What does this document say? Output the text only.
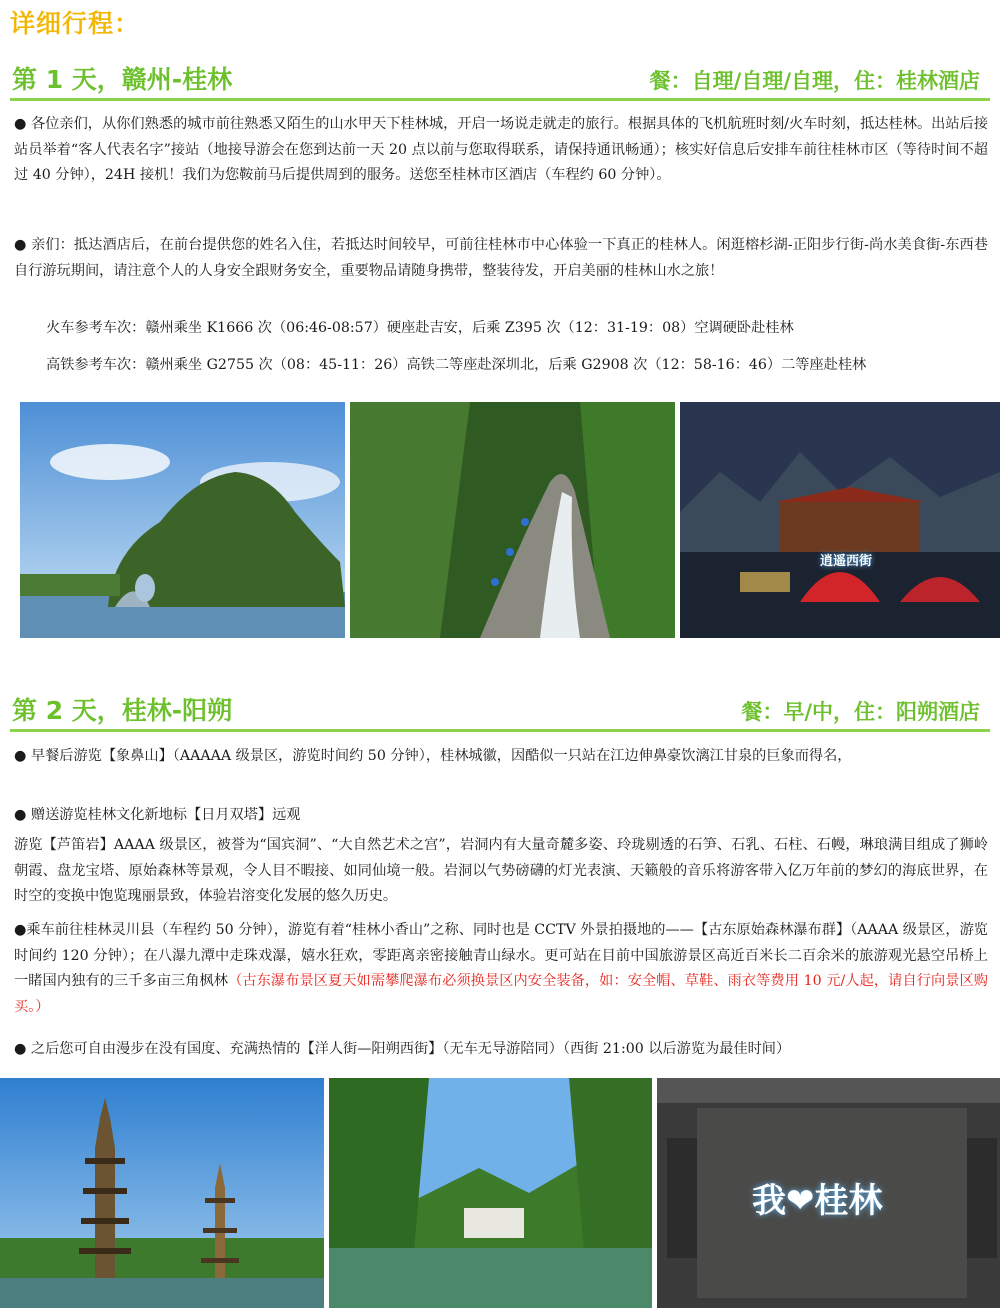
详细行程：
第 1 天，赣州-桂林	餐：自理/自理/自理，住：桂林酒店
● 各位亲们，从你们熟悉的城市前往熟悉又陌生的山水甲天下桂林城，开启一场说走就走的旅行。根据具体的飞机航班时刻/火车时刻，抵达桂林。出站后接站员举着“客人代表名字”接站（地接导游会在您到达前一天 20 点以前与您取得联系，请保持通讯畅通）；核实好信息后安排车前往桂林市区（等待时间不超过 40 分钟），24H 接机！我们为您鞍前马后提供周到的服务。送您至桂林市区酒店（车程约 60 分钟）。
● 亲们：抵达酒店后，在前台提供您的姓名入住，若抵达时间较早，可前往桂林市中心体验一下真正的桂林人。闲逛榕杉湖-正阳步行街-尚水美食街-东西巷自行游玩期间，请注意个人的人身安全跟财务安全，重要物品请随身携带，整装待发，开启美丽的桂林山水之旅！
火车参考车次：赣州乘坐 K1666 次（06:46-08:57）硬座赴吉安，后乘 Z395 次（12：31-19：08）空调硬卧赴桂林
高铁参考车次：赣州乘坐 G2755 次（08：45-11：26）高铁二等座赴深圳北，后乘 G2908 次（12：58-16：46）二等座赴桂林
逍遥西街
第 2 天，桂林-阳朔	餐：早/中，住：阳朔酒店
● 早餐后游览【象鼻山】（AAAAA 级景区，游览时间约 50 分钟），桂林城徽，因酷似一只站在江边伸鼻豪饮漓江甘泉的巨象而得名，
● 赠送游览桂林文化新地标【日月双塔】远观
游览【芦笛岩】AAAA 级景区，被誉为“国宾洞”、“大自然艺术之宫”，岩洞内有大量奇麓多姿、玲珑剔透的石笋、石乳、石柱、石幔，琳琅满目组成了狮岭朝霞、盘龙宝塔、原始森林等景观，令人目不暇接、如同仙境一般。岩洞以气势磅礴的灯光表演、天籁般的音乐将游客带入亿万年前的梦幻的海底世界，在时空的变换中饱览瑰丽景致，体验岩溶变化发展的悠久历史。
●乘车前往桂林灵川县（车程约 50 分钟），游览有着“桂林小香山”之称、同时也是 CCTV 外景拍摄地的——【古东原始森林瀑布群】（AAAA 级景区，游览时间约 120 分钟）；在八瀑九潭中走珠戏瀑，嬉水狂欢，零距离亲密接触青山绿水。更可站在目前中国旅游景区高近百米长二百余米的旅游观光悬空吊桥上一睹国内独有的三千多亩三角枫林（古东瀑布景区夏天如需攀爬瀑布必须换景区内安全装备，如：安全帽、草鞋、雨衣等费用 10 元/人起，请自行向景区购买。）
● 之后您可自由漫步在没有国度、充满热情的【洋人街—阳朔西街】（无车无导游陪同）（西街 21:00 以后游览为最佳时间）
我❤桂林
